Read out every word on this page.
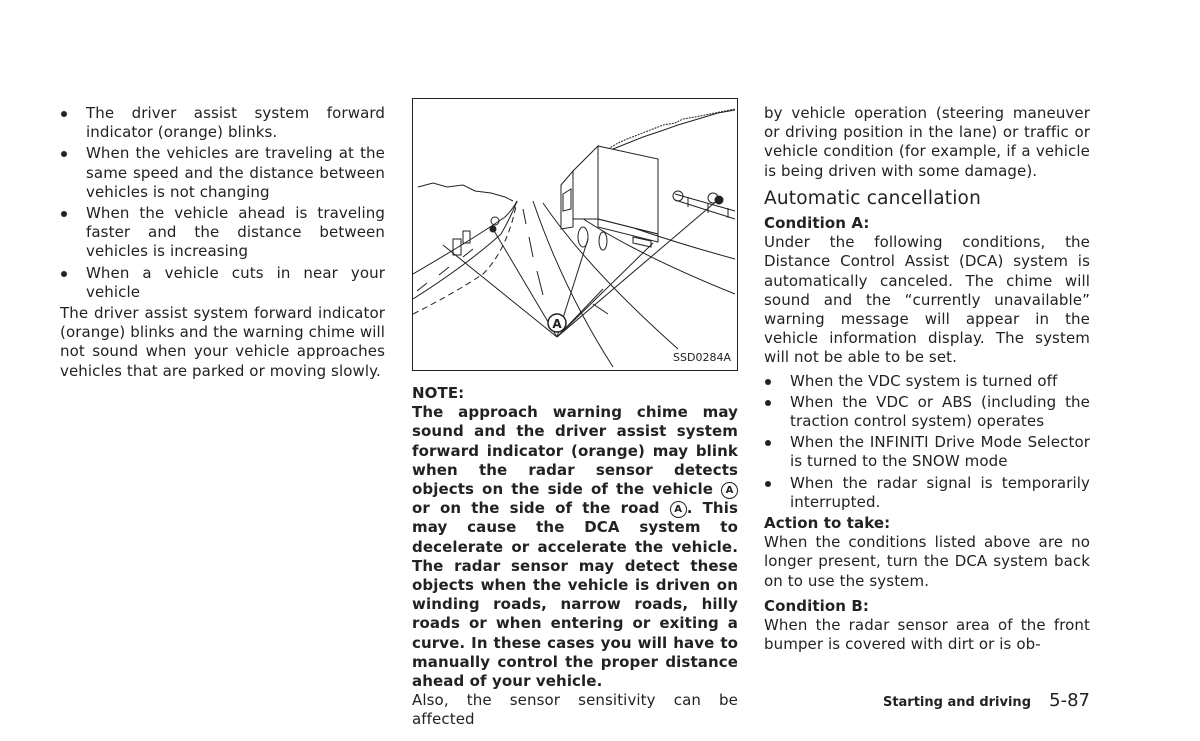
The driver assist system forward indicator (orange) blinks.
When the vehicles are traveling at the same speed and the distance between vehicles is not changing
When the vehicle ahead is traveling faster and the distance between vehicles is increasing
When a vehicle cuts in near your vehicle

The driver assist system forward indicator (orange) blinks and the warning chime will not sound when your vehicle approaches vehicles that are parked or moving slowly.

A
SSD0284A

NOTE:

The approach warning chime may sound and the driver assist system forward indicator (orange) may blink when the radar sensor detects objects on the side of the vehicle A or on the side of the road A . This may cause the DCA system to decelerate or accelerate the vehicle. The radar sensor may detect these objects when the vehicle is driven on winding roads, narrow roads, hilly roads or when entering or exiting a curve. In these cases you will have to manually control the proper distance ahead of your vehicle.

Also, the sensor sensitivity can be affected

by vehicle operation (steering maneuver or driving position in the lane) or traffic or vehicle condition (for example, if a vehicle is being driven with some damage).

Automatic cancellation

Condition A:

Under the following conditions, the Distance Control Assist (DCA) system is automatically canceled. The chime will sound and the “currently unavailable” warning message will appear in the vehicle information display. The system will not be able to be set.

When the VDC system is turned off
When the VDC or ABS (including the traction control system) operates
When the INFINITI Drive Mode Selector is turned to the SNOW mode
When the radar signal is temporarily interrupted.

Action to take:

When the conditions listed above are no longer present, turn the DCA system back on to use the system.

Condition B:

When the radar sensor area of the front bumper is covered with dirt or is ob-

Starting and driving 5-87
